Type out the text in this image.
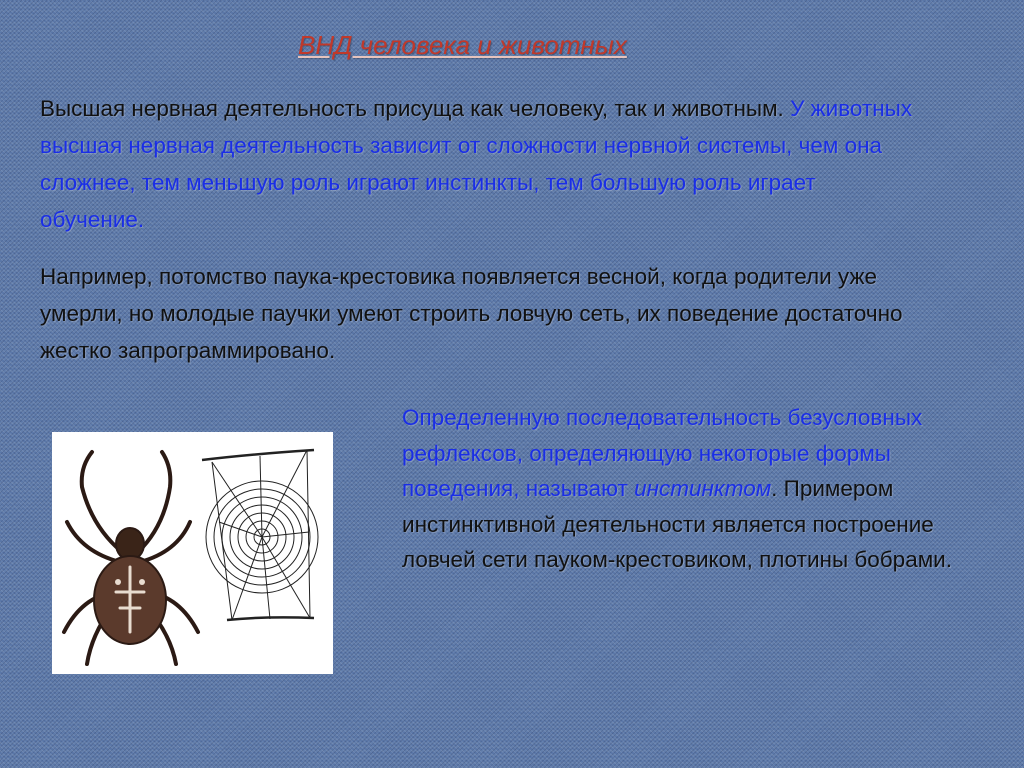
ВНД человека и животных
Высшая нервная деятельность присуща как человеку, так и животным. У животных высшая нервная деятельность зависит от сложности нервной системы, чем она сложнее, тем меньшую роль играют инстинкты, тем большую роль играет обучение.
Например, потомство паука-крестовика появляется весной, когда родители уже умерли, но молодые паучки умеют строить ловчую сеть, их поведение достаточно жестко запрограммировано.
Определенную последовательность безусловных рефлексов, определяющую некоторые формы поведения, называют инстинктом. Примером инстинктивной деятельности является построение ловчей сети пауком-крестовиком, плотины бобрами.
